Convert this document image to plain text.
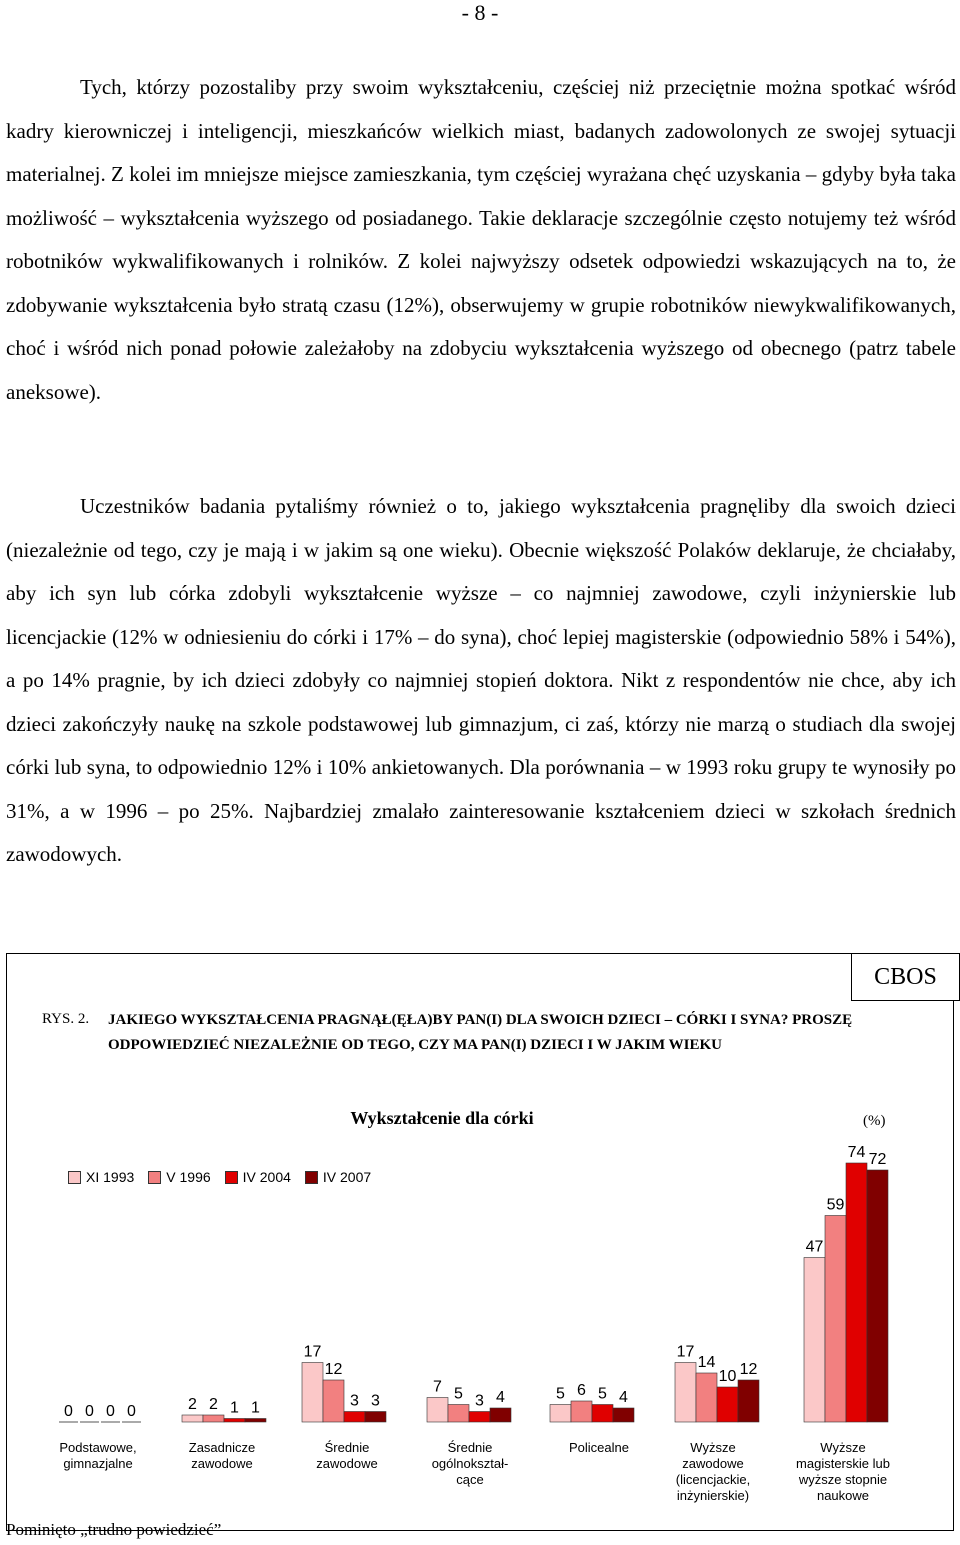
- 8 -

Tych, którzy pozostaliby przy swoim wykształceniu, częściej niż przeciętnie można spotkać wśród kadry kierowniczej i inteligencji, mieszkańców wielkich miast, badanych zadowolonych ze swojej sytuacji materialnej. Z kolei im mniejsze miejsce zamieszkania, tym częściej wyrażana chęć uzyskania – gdyby była taka możliwość – wykształcenia wyższego od posiadanego. Takie deklaracje szczególnie często notujemy też wśród robotników wykwalifikowanych i rolników. Z kolei najwyższy odsetek odpowiedzi wskazujących na to, że zdobywanie wykształcenia było stratą czasu (12%), obserwujemy w grupie robotników niewykwalifikowanych, choć i wśród nich ponad połowie zależałoby na zdobyciu wykształcenia wyższego od obecnego (patrz tabele aneksowe).

Uczestników badania pytaliśmy również o to, jakiego wykształcenia pragnęliby dla swoich dzieci (niezależnie od tego, czy je mają i w jakim są one wieku). Obecnie większość Polaków deklaruje, że chciałaby, aby ich syn lub córka zdobyli wykształcenie wyższe – co najmniej zawodowe, czyli inżynierskie lub licencjackie (12% w odniesieniu do córki i 17% – do syna), choć lepiej magisterskie (odpowiednio 58% i 54%), a po 14% pragnie, by ich dzieci zdobyły co najmniej stopień doktora. Nikt z respondentów nie chce, aby ich dzieci zakończyły naukę na szkole podstawowej lub gimnazjum, ci zaś, którzy nie marzą o studiach dla swojej córki lub syna, to odpowiednio 12% i 10% ankietowanych. Dla porównania – w 1993 roku grupy te wynosiły po 31%, a w 1996 – po 25%. Najbardziej zmalało zainteresowanie kształceniem dzieci w szkołach średnich zawodowych.

CBOS
RYS. 2. JAKIEGO WYKSZTAŁCENIA PRAGNĄŁ(ĘŁA)BY PAN(I) DLA SWOICH DZIECI – CÓRKI I SYNA? PROSZĘ ODPOWIEDZIEĆ NIEZALEŻNIE OD TEGO, CZY MA PAN(I) DZIECI I W JAKIM WIEKU
Wykształcenie dla córki	(%)
XI 1993 V 1996 IV 2004 IV 2007
0 0 0 0
Podstawowe, gimnazjalne
2 2 1 1
Zasadnicze zawodowe
17
12
3 3
Średnie zawodowe
7 5 3 4
Średnie ogólnokształ-cące
5 6 5 4
Policealne
17
14
10 12
Wyższe zawodowe (licencjackie, inżynierskie)
47
59
74 72
Wyższe magisterskie lub wyższe stopnie naukowe
Pominięto „trudno powiedzieć”
